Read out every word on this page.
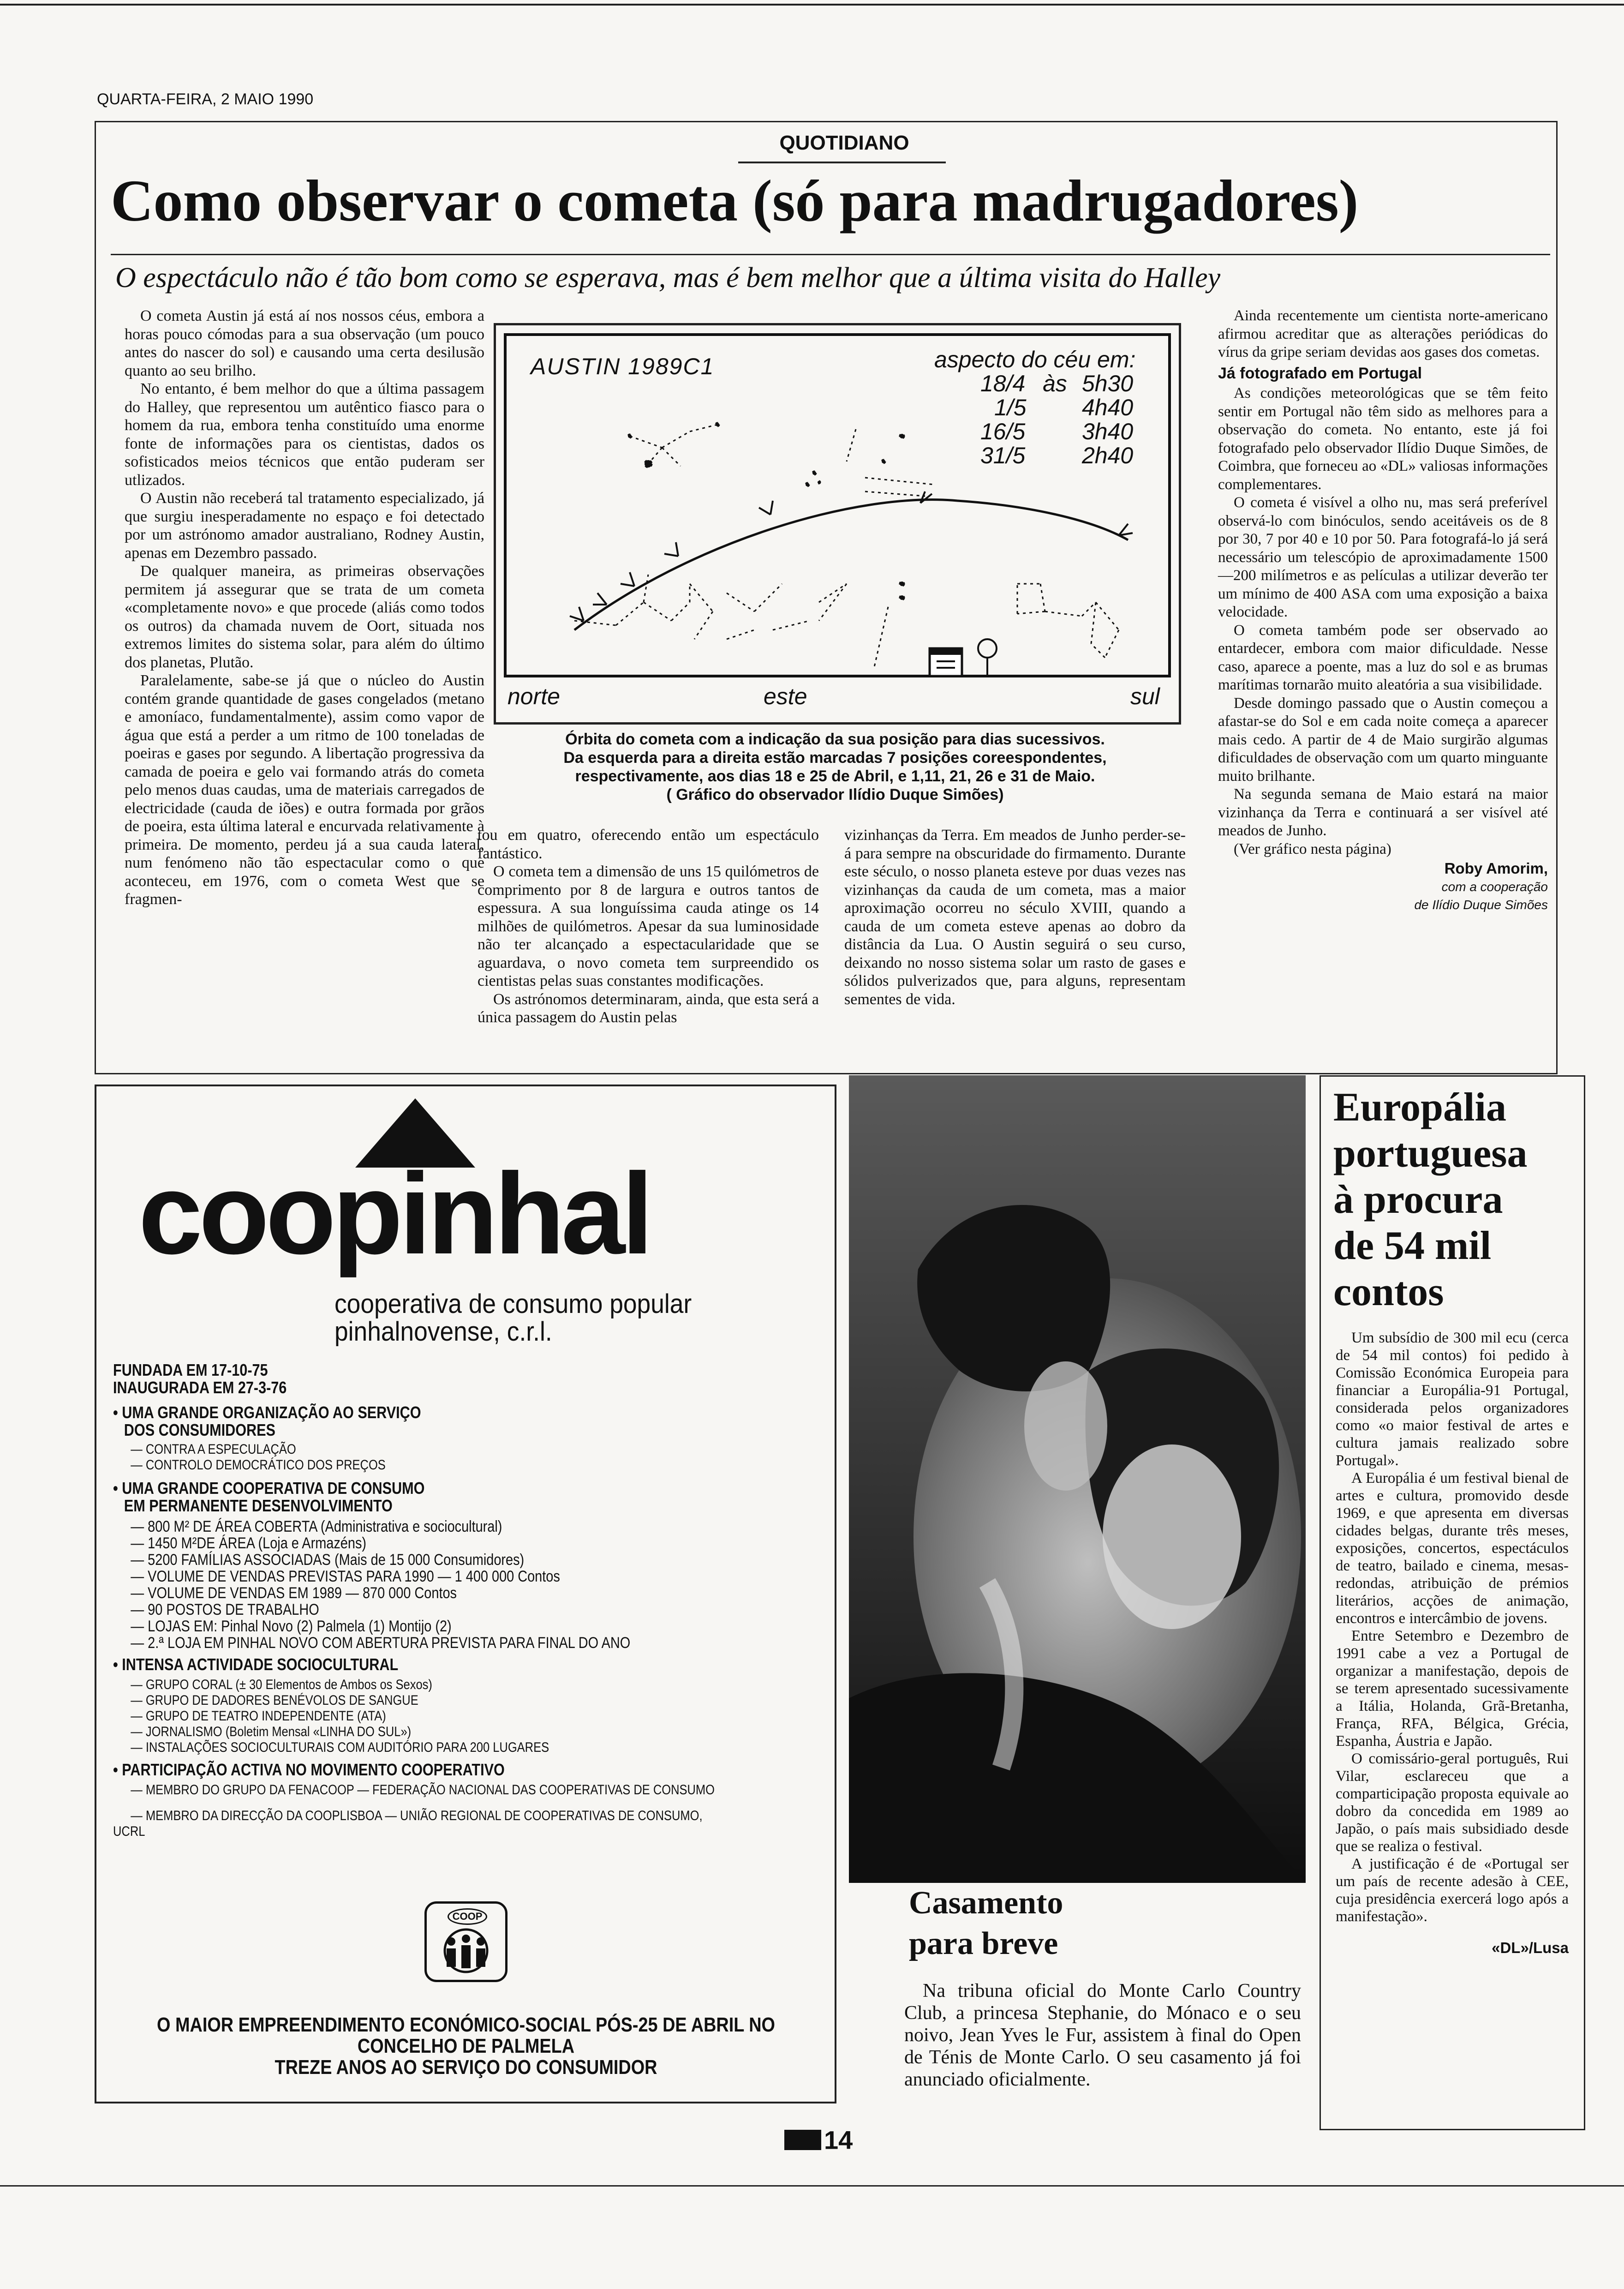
QUARTA-FEIRA, 2 MAIO 1990
QUOTIDIANO
Como observar o cometa (só para madrugadores)
O espectáculo não é tão bom como se esperava, mas é bem melhor que a última visita do Halley

O cometa Austin já está aí nos nossos céus, embora a horas pouco cómodas para a sua observação (um pouco antes do nascer do sol) e causando uma certa desilusão quanto ao seu brilho.

No entanto, é bem melhor do que a última passagem do Halley, que representou um autêntico fiasco para o homem da rua, embora tenha constituído uma enorme fonte de informações para os cientistas, dados os sofisticados meios técnicos que então puderam ser utlizados.

O Austin não receberá tal tratamento especializado, já que surgiu inesperadamente no espaço e foi detectado por um astrónomo amador australiano, Rodney Austin, apenas em Dezembro passado.

De qualquer maneira, as primeiras observações permitem já assegurar que se trata de um cometa «completamente novo» e que procede (aliás como todos os outros) da chamada nuvem de Oort, situada nos extremos limites do sistema solar, para além do último dos planetas, Plutão.

Paralelamente, sabe-se já que o núcleo do Austin contém grande quantidade de gases congelados (metano e amoníaco, fundamentalmente), assim como vapor de água que está a perder a um ritmo de 100 toneladas de poeiras e gases por segundo. A libertação progressiva da camada de poeira e gelo vai formando atrás do cometa pelo menos duas caudas, uma de materiais carregados de electricidade (cauda de iões) e outra formada por grãos de poeira, esta última lateral e encurvada relativamente à primeira. De momento, perdeu já a sua cauda lateral, num fenómeno não tão espectacular como o que aconteceu, em 1976, com o cometa West que se fragmen-

AUSTIN 1989C1	aspecto do céu em:
18/4 às 5h30
1/5 4h40
16/5 3h40
31/5 2h40
norte	este	sul
Órbita do cometa com a indicação da sua posição para dias sucessivos.
Da esquerda para a direita estão marcadas 7 posições coreespondentes,
respectivamente, aos dias 18 e 25 de Abril, e 1,11, 21, 26 e 31 de Maio.
( Gráfico do observador Ilídio Duque Simões)

tou em quatro, oferecendo então um espectáculo fantástico.

O cometa tem a dimensão de uns 15 quilómetros de comprimento por 8 de largura e outros tantos de espessura. A sua longuíssima cauda atinge os 14 milhões de quilómetros. Apesar da sua luminosidade não ter alcançado a espectacularidade que se aguardava, o novo cometa tem surpreendido os cientistas pelas suas constantes modificações.

Os astrónomos determinaram, ainda, que esta será a única passagem do Austin pelas

vizinhanças da Terra. Em meados de Junho perder-se-á para sempre na obscuridade do firmamento. Durante este século, o nosso planeta esteve por duas vezes nas vizinhanças da cauda de um cometa, mas a maior aproximação ocorreu no século XVIII, quando a cauda de um cometa esteve apenas ao dobro da distância da Lua. O Austin seguirá o seu curso, deixando no nosso sistema solar um rasto de gases e sólidos pulverizados que, para alguns, representam sementes de vida.

Ainda recentemente um cientista norte-americano afirmou acreditar que as alterações periódicas do vírus da gripe seriam devidas aos gases dos cometas.

Já fotografado em Portugal

As condições meteorológicas que se têm feito sentir em Portugal não têm sido as melhores para a observação do cometa. No entanto, este já foi fotografado pelo observador Ilídio Duque Simões, de Coimbra, que forneceu ao «DL» valiosas informações complementares.

O cometa é visível a olho nu, mas será preferível observá-lo com binóculos, sendo aceitáveis os de 8 por 30, 7 por 40 e 10 por 50. Para fotografá-lo já será necessário um telescópio de aproximadamente 1500—200 milímetros e as películas a utilizar deverão ter um mínimo de 400 ASA com uma exposição a baixa velocidade.

O cometa também pode ser observado ao entardecer, embora com maior dificuldade. Nesse caso, aparece a poente, mas a luz do sol e as brumas marítimas tornarão muito aleatória a sua visibilidade.

Desde domingo passado que o Austin começou a afastar-se do Sol e em cada noite começa a aparecer mais cedo. A partir de 4 de Maio surgirão algumas dificuldades de observação com um quarto minguante muito brilhante.

Na segunda semana de Maio estará na maior vizinhança da Terra e continuará a ser visível até meados de Junho.

(Ver gráfico nesta página)

Roby Amorim,
com a cooperação
de Ilídio Duque Simões
coopinhal
cooperativa de consumo popular
pinhalnovense, c.r.l.
FUNDADA EM 17-10-75
INAUGURADA EM 27-3-76
• UMA GRANDE ORGANIZAÇÃO AO SERVIÇO
DOS CONSUMIDORES
— CONTRA A ESPECULAÇÃO
— CONTROLO DEMOCRÁTICO DOS PREÇOS
• UMA GRANDE COOPERATIVA DE CONSUMO
EM PERMANENTE DESENVOLVIMENTO
— 800 M² DE ÁREA COBERTA (Administrativa e sociocultural)
— 1450 M²DE ÁREA (Loja e Armazéns)
— 5200 FAMÍLIAS ASSOCIADAS (Mais de 15 000 Consumidores)
— VOLUME DE VENDAS PREVISTAS PARA 1990 — 1 400 000 Contos
— VOLUME DE VENDAS EM 1989 — 870 000 Contos
— 90 POSTOS DE TRABALHO
— LOJAS EM: Pinhal Novo (2) Palmela (1) Montijo (2)
— 2.ª LOJA EM PINHAL NOVO COM ABERTURA PREVISTA PARA FINAL DO ANO
• INTENSA ACTIVIDADE SOCIOCULTURAL
— GRUPO CORAL (± 30 Elementos de Ambos os Sexos)
— GRUPO DE DADORES BENÉVOLOS DE SANGUE
— GRUPO DE TEATRO INDEPENDENTE (ATA)
— JORNALISMO (Boletim Mensal «LINHA DO SUL»)
— INSTALAÇÕES SOCIOCULTURAIS COM AUDITÓRIO PARA 200 LUGARES
• PARTICIPAÇÃO ACTIVA NO MOVIMENTO COOPERATIVO
— MEMBRO DO GRUPO DA FENACOOP — FEDERAÇÃO NACIONAL DAS COOPERATIVAS DE CONSUMO
— MEMBRO DA DIRECÇÃO DA COOPLISBOA — UNIÃO REGIONAL DE COOPERATIVAS DE CONSUMO,
UCRL
COOP
O MAIOR EMPREENDIMENTO ECONÓMICO-SOCIAL PÓS-25 DE ABRIL NO
CONCELHO DE PALMELA
TREZE ANOS AO SERVIÇO DO CONSUMIDOR
Casamento
para breve
Na tribuna oficial do Monte Carlo Country Club, a princesa Stephanie, do Mónaco e o seu noivo, Jean Yves le Fur, assistem à final do Open de Ténis de Monte Carlo. O seu casamento já foi anunciado oficialmente.
Europália
portuguesa
à procura
de 54 mil
contos

Um subsídio de 300 mil ecu (cerca de 54 mil contos) foi pedido à Comissão Económica Europeia para financiar a Europália-91 Portugal, considerada pelos organizadores como «o maior festival de artes e cultura jamais realizado sobre Portugal».

A Europália é um festival bienal de artes e cultura, promovido desde 1969, e que apresenta em diversas cidades belgas, durante três meses, exposições, concertos, espectáculos de teatro, bailado e cinema, mesas-redondas, atribuição de prémios literários, acções de animação, encontros e intercâmbio de jovens.

Entre Setembro e Dezembro de 1991 cabe a vez a Portugal de organizar a manifestação, depois de se terem apresentado sucessivamente a Itália, Holanda, Grã-Bretanha, França, RFA, Bélgica, Grécia, Espanha, Áustria e Japão.

O comissário-geral português, Rui Vilar, esclareceu que a comparticipação proposta equivale ao dobro da concedida em 1989 ao Japão, o país mais subsidiado desde que se realiza o festival.

A justificação é de «Portugal ser um país de recente adesão à CEE, cuja presidência exercerá logo após a manifestação».

«DL»/Lusa
14
